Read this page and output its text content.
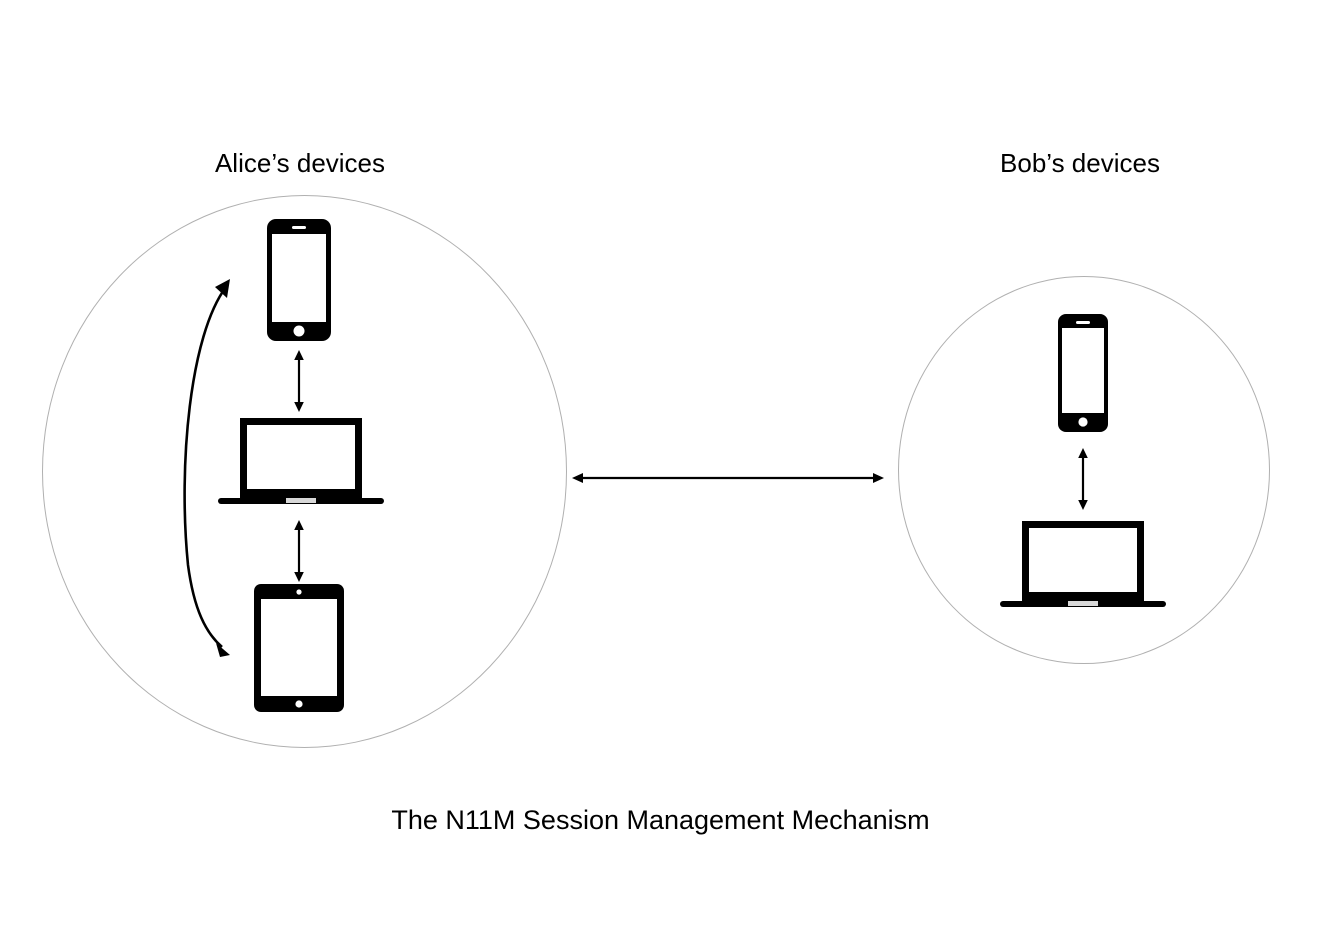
Alice’s devices	Bob’s devices
The N11M Session Management Mechanism
